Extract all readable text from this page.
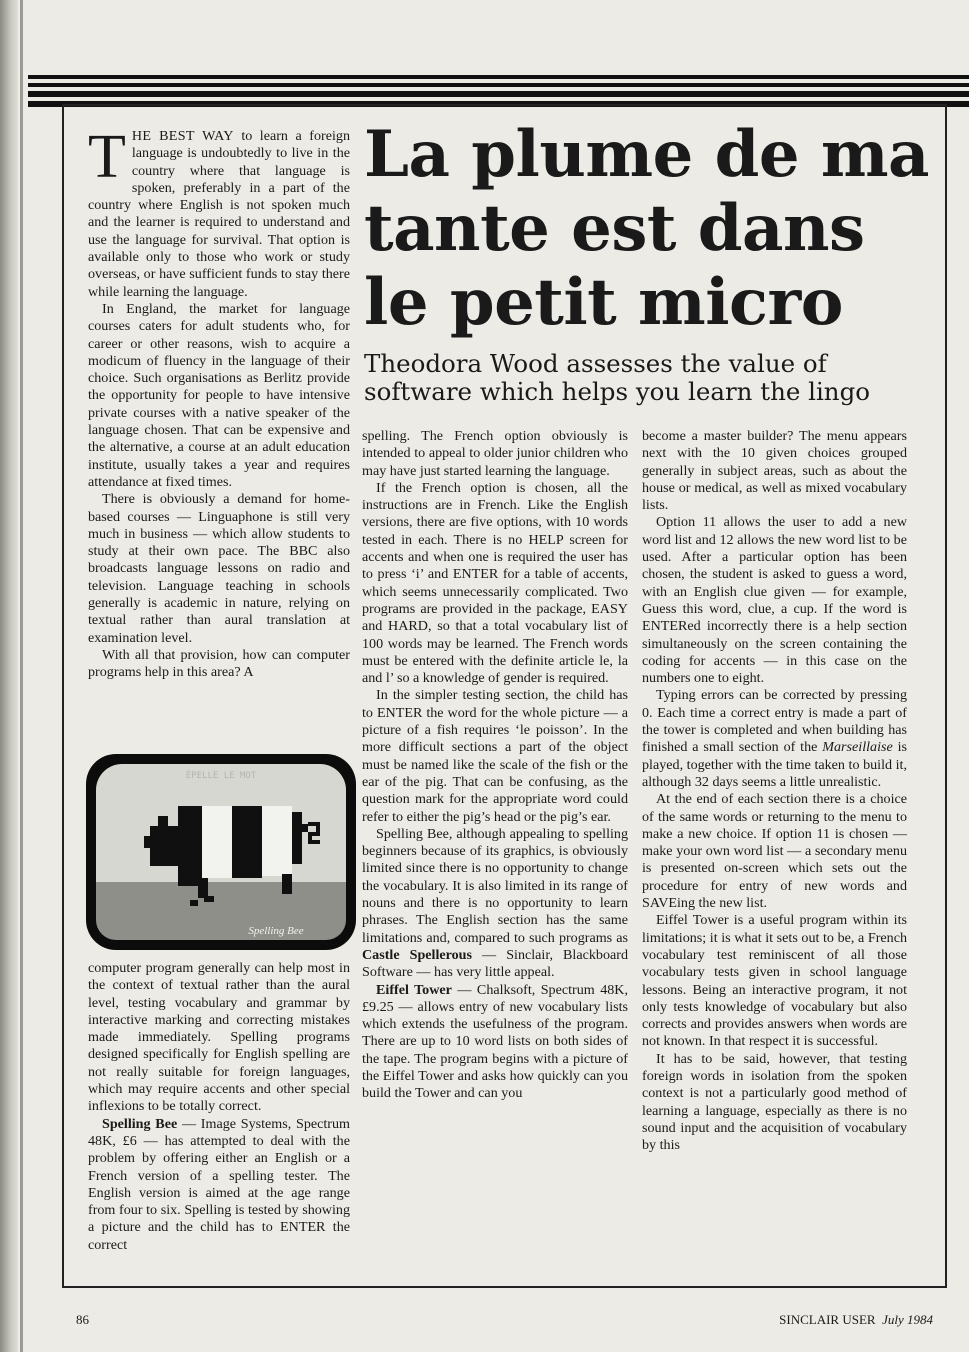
La plume de ma tante est dans le petit micro
Theodora Wood assesses the value of software which helps you learn the lingo

THE BEST WAY to learn a foreign language is undoubtedly to live in the country where that language is spoken, preferably in a part of the country where English is not spoken much and the learner is required to understand and use the language for survival. That option is available only to those who work or study overseas, or have sufficient funds to stay there while learning the language.

In England, the market for language courses caters for adult students who, for career or other reasons, wish to acquire a modicum of fluency in the language of their choice. Such organisations as Berlitz provide the opportunity for people to have intensive private courses with a native speaker of the language chosen. That can be expensive and the alternative, a course at an adult education institute, usually takes a year and requires attendance at fixed times.

There is obviously a demand for home-based courses — Linguaphone is still very much in business — which allow students to study at their own pace. The BBC also broadcasts language lessons on radio and television. Language teaching in schools generally is academic in nature, relying on textual rather than aural translation at examination level.

With all that provision, how can computer programs help in this area? A

ÉPELLE LE MOT
Spelling Bee

computer program generally can help most in the context of textual rather than the aural level, testing vocabulary and grammar by interactive marking and correcting mistakes made immediately. Spelling programs designed specifically for English spelling are not really suitable for foreign languages, which may require accents and other special inflexions to be totally correct.

Spelling Bee — Image Systems, Spectrum 48K, £6 — has attempted to deal with the problem by offering either an English or a French version of a spelling tester. The English version is aimed at the age range from four to six. Spelling is tested by showing a picture and the child has to ENTER the correct

spelling. The French option obviously is intended to appeal to older junior children who may have just started learning the language.

If the French option is chosen, all the instructions are in French. Like the English versions, there are five options, with 10 words tested in each. There is no HELP screen for accents and when one is required the user has to press ‘i’ and ENTER for a table of accents, which seems unnecessarily complicated. Two programs are provided in the package, EASY and HARD, so that a total vocabulary list of 100 words may be learned. The French words must be entered with the definite article le, la and l’ so a knowledge of gender is required.

In the simpler testing section, the child has to ENTER the word for the whole picture — a picture of a fish requires ‘le poisson’. In the more difficult sections a part of the object must be named like the scale of the fish or the ear of the pig. That can be confusing, as the question mark for the appropriate word could refer to either the pig’s head or the pig’s ear.

Spelling Bee, although appealing to spelling beginners because of its graphics, is obviously limited since there is no opportunity to change the vocabulary. It is also limited in its range of nouns and there is no opportunity to learn phrases. The English section has the same limitations and, compared to such programs as Castle Spellerous — Sinclair, Blackboard Software — has very little appeal.

Eiffel Tower — Chalksoft, Spectrum 48K, £9.25 — allows entry of new vocabulary lists which extends the usefulness of the program. There are up to 10 word lists on both sides of the tape. The program begins with a picture of the Eiffel Tower and asks how quickly can you build the Tower and can you

become a master builder? The menu appears next with the 10 given choices grouped generally in subject areas, such as about the house or medical, as well as mixed vocabulary lists.

Option 11 allows the user to add a new word list and 12 allows the new word list to be used. After a particular option has been chosen, the student is asked to guess a word, with an English clue given — for example, Guess this word, clue, a cup. If the word is ENTERed incorrectly there is a help section simultaneously on the screen containing the coding for accents — in this case on the numbers one to eight.

Typing errors can be corrected by pressing 0. Each time a correct entry is made a part of the tower is completed and when building has finished a small section of the Marseillaise is played, together with the time taken to build it, although 32 days seems a little unrealistic.

At the end of each section there is a choice of the same words or returning to the menu to make a new choice. If option 11 is chosen — make your own word list — a secondary menu is presented on-screen which sets out the procedure for entry of new words and SAVEing the new list.

Eiffel Tower is a useful program within its limitations; it is what it sets out to be, a French vocabulary test reminiscent of all those vocabulary tests given in school language lessons. Being an interactive program, it not only tests knowledge of vocabulary but also corrects and provides answers when words are not known. In that respect it is successful.

It has to be said, however, that testing foreign words in isolation from the spoken context is not a particularly good method of learning a language, especially as there is no sound input and the acquisition of vocabulary by this

86	SINCLAIR USER July 1984
